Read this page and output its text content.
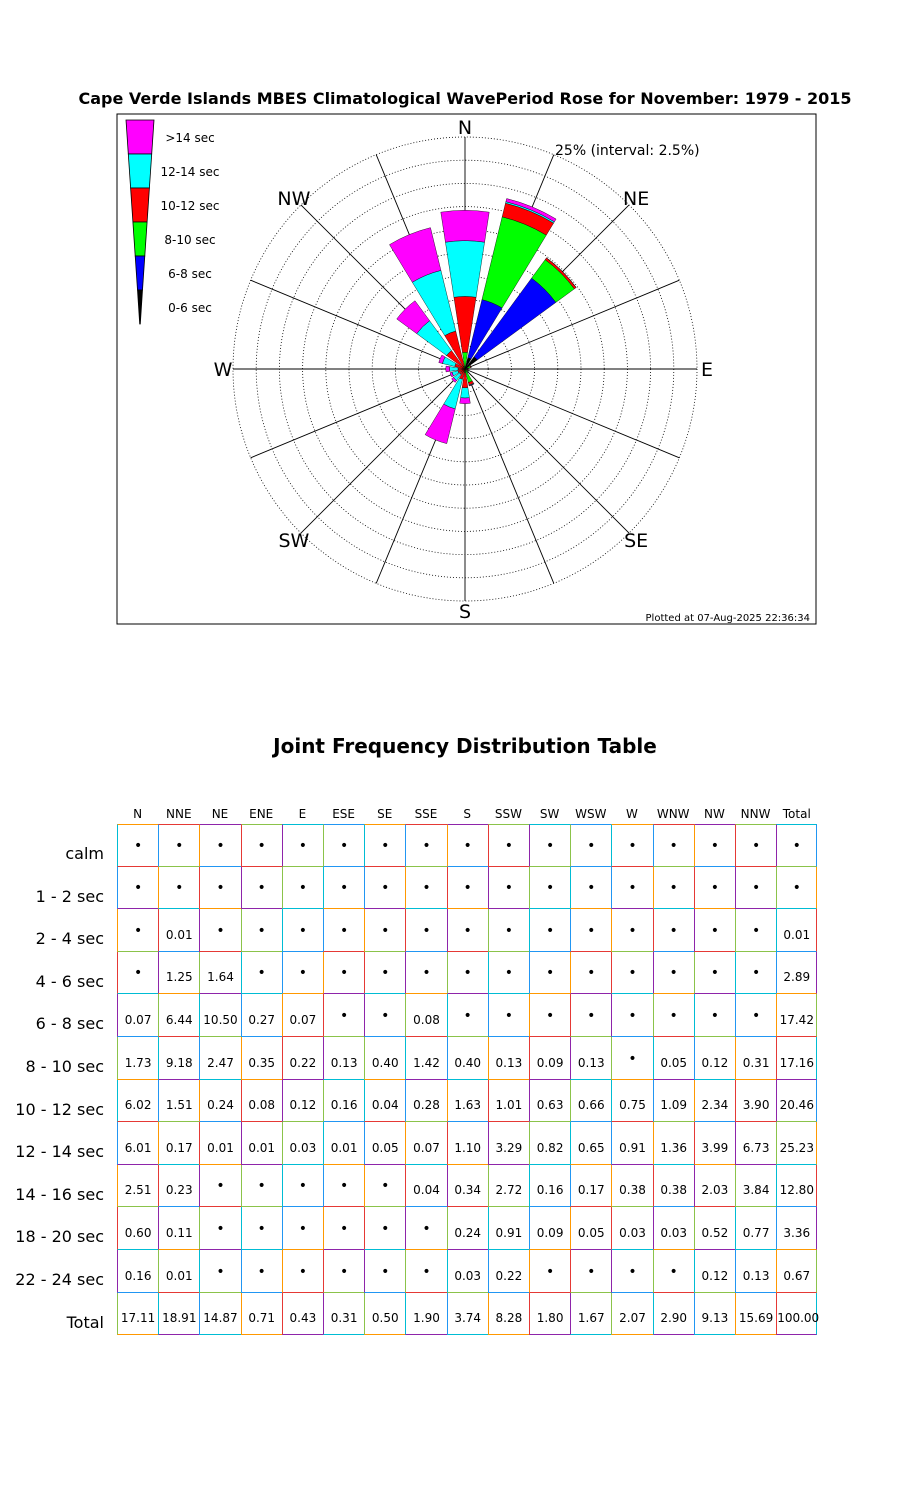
Cape Verde Islands MBES Climatological WavePeriod Rose for November: 1979 - 2015
N
NE
E
SE
S
SW
W
NW
25% (interval: 2.5%)
Plotted at 07-Aug-2025 22:36:34
>14 sec
12-14 sec
10-12 sec
8-10 sec
6-8 sec
0-6 sec
Joint Frequency Distribution Table
N	NNE	NE	ENE	E	ESE	SE	SSE	S	SSW	SW	WSW	W	WNW	NW	NNW	Total
calm	•	•	•	•	•	•	•	•	•	•	•	•	•	•	•	•	•
1 - 2 sec	•	•	•	•	•	•	•	•	•	•	•	•	•	•	•	•	•
2 - 4 sec	•	0.01	•	•	•	•	•	•	•	•	•	•	•	•	•	•	0.01
4 - 6 sec	•	1.25	1.64	•	•	•	•	•	•	•	•	•	•	•	•	•	2.89
6 - 8 sec	0.07	6.44 10.50 0.27	0.07	•	•	0.08	•	•	•	•	•	•	•	•	17.42
8 - 10 sec	1.73	9.18	2.47	0.35	0.22	0.13	0.40	1.42	0.40	0.13	0.09	0.13	•	0.05	0.12	0.31 17.16
10 - 12 sec	6.02	1.51	0.24	0.08	0.12	0.16	0.04	0.28	1.63	1.01	0.63	0.66	0.75	1.09	2.34	3.90 20.46
12 - 14 sec	6.01	0.17	0.01	0.01	0.03	0.01	0.05	0.07	1.10	3.29	0.82	0.65	0.91	1.36	3.99	6.73 25.23
14 - 16 sec	2.51	0.23	•	•	•	•	•	0.04	0.34	2.72	0.16	0.17	0.38	0.38	2.03	3.84 12.80
18 - 20 sec	0.60	0.11	•	•	•	•	•	•	0.24	0.91	0.09	0.05	0.03	0.03	0.52	0.77	3.36
22 - 24 sec	0.16	0.01	•	•	•	•	•	•	0.03	0.22	•	•	•	•	0.12	0.13	0.67
Total 17.11 18.91 14.87 0.71	0.43	0.31	0.50	1.90	3.74	8.28	1.80	1.67	2.07	2.90	9.13 15.69 100.00
